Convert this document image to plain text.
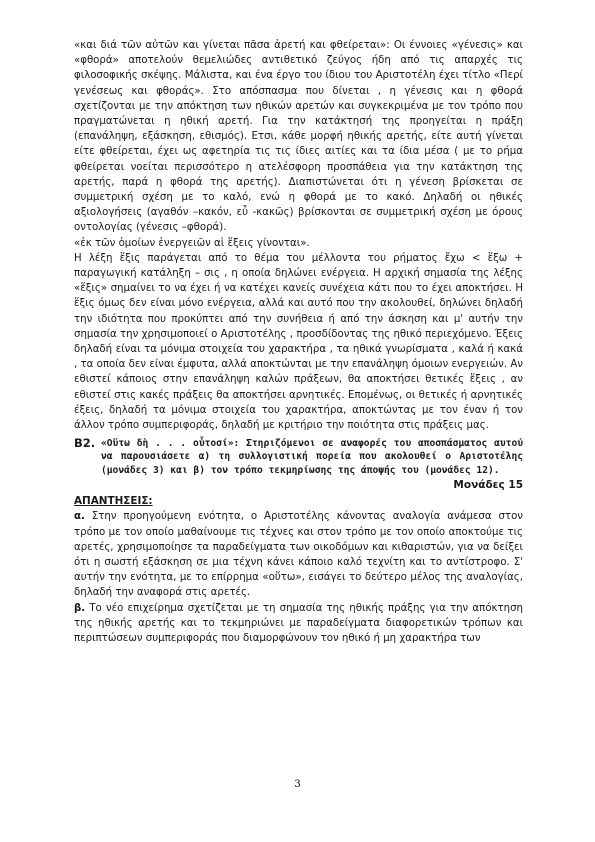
«και διά τῶν αὐτῶν και γίνεται πᾶσα ἀρετή και φθείρεται»: Οι έννοιες «γένεσις» και «φθορά» αποτελούν θεμελιώδες αντιθετικό ζεύγος ήδη από τις απαρχές τις φιλοσοφικής σκέψης. Μάλιστα, και ένα έργο του ίδιου του Αριστοτέλη έχει τίτλο «Περί γενέσεως και φθοράς». Στο απόσπασμα που δίνεται , η γένεσις και η φθορά σχετίζονται με την απόκτηση των ηθικών αρετών και συγκεκριμένα με τον τρόπο που πραγματώνεται η ηθική αρετή. Για την κατάκτησή της προηγείται η πράξη (επανάληψη, εξάσκηση, εθισμός). Ετσι, κάθε μορφή ηθικής αρετής, είτε αυτή γίνεται είτε φθείρεται, έχει ως αφετηρία τις τις ίδιες αιτίες και τα ίδια μέσα ( με το ρήμα φθείρεται νοείται περισσότερο η ατελέσφορη προσπάθεια για την κατάκτηση της αρετής, παρά η φθορά της αρετής). Διαπιστώνεται ότι η γένεση βρίσκεται σε συμμετρική σχέση με το καλό, ενώ η φθορά με το κακό. Δηλαδή οι ηθικές αξιολογήσεις (αγαθόν –κακόν, εὖ -κακῶς) βρίσκονται σε συμμετρική σχέση με όρους οντολογίας (γένεσις –φθορά).

«ἐκ τῶν ὁμοίων ἐνεργειῶν αἱ ἕξεις γίνονται».

Η λέξη ἕξις παράγεται από το θέμα του μέλλοντα του ρήματος ἔχω < ἕξω + παραγωγική κατάληξη – σις , η οποία δηλώνει ενέργεια. Η αρχική σημασία της λέξης «ἕξις» σημαίνει το να έχει ή να κατέχει κανείς συνέχεια κάτι που το έχει αποκτήσει. Η ἕξις όμως δεν είναι μόνο ενέργεια, αλλά και αυτό που την ακολουθεί, δηλώνει δηλαδή την ιδιότητα που προκύπτει από την συνήθεια ή από την άσκηση και μ' αυτήν την σημασία την χρησιμοποιεί ο Αριστοτέλης , προσδίδοντας της ηθικό περιεχόμενο. Έξεις δηλαδή είναι τα μόνιμα στοιχεία του χαρακτήρα , τα ηθικά γνωρίσματα , καλά ή κακά , τα οποία δεν είναι έμφυτα, αλλά αποκτώνται με την επανάληψη όμοιων ενεργειών. Αν εθιστεί κάποιος στην επανάληψη καλών πράξεων, θα αποκτήσει θετικές ἕξεις , αν εθιστεί στις κακές πράξεις θα αποκτήσει αρνητικές. Επομένως, οι θετικές ή αρνητικές έξεις, δηλαδή τα μόνιμα στοιχεία του χαρακτήρα, αποκτώντας με τον έναν ή τον άλλον τρόπο συμπεριφοράς, δηλαδή με κριτήριο την ποιότητα στις πράξεις μας.

Β2. «Οὕτω δὴ . . . οὗτοσί»: Στηριζόμενοι σε αναφορές του αποσπάσματος αυτού να παρουσιάσετε α) τη συλλογιστική πορεία που ακολουθεί ο Αριστοτέλης (μονάδες 3) και β) τον τρόπο τεκμηρίωσης της άποψής του (μονάδες 12).
Μονάδες 15

ΑΠΑΝΤΗΣΕΙΣ:

α. Στην προηγούμενη ενότητα, ο Αριστοτέλης κάνοντας αναλογία ανάμεσα στον τρόπο με τον οποίο μαθαίνουμε τις τέχνες και στον τρόπο με τον οποίο αποκτούμε τις αρετές, χρησιμοποίησε τα παραδείγματα των οικοδόμων και κιθαριστών, για να δείξει ότι η σωστή εξάσκηση σε μια τέχνη κάνει κάποιο καλό τεχνίτη και το αντίστροφο. Σ' αυτήν την ενότητα, με το επίρρημα «οὕτω», εισάγει το δεύτερο μέλος της αναλογίας, δηλαδή την αναφορά στις αρετές.

β. Το νέο επιχείρημα σχετίζεται με τη σημασία της ηθικής πράξης για την απόκτηση της ηθικής αρετής και το τεκμηριώνει με παραδείγματα διαφορετικών τρόπων και περιπτώσεων συμπεριφοράς που διαμορφώνουν τον ηθικό ή μη χαρακτήρα των

3
